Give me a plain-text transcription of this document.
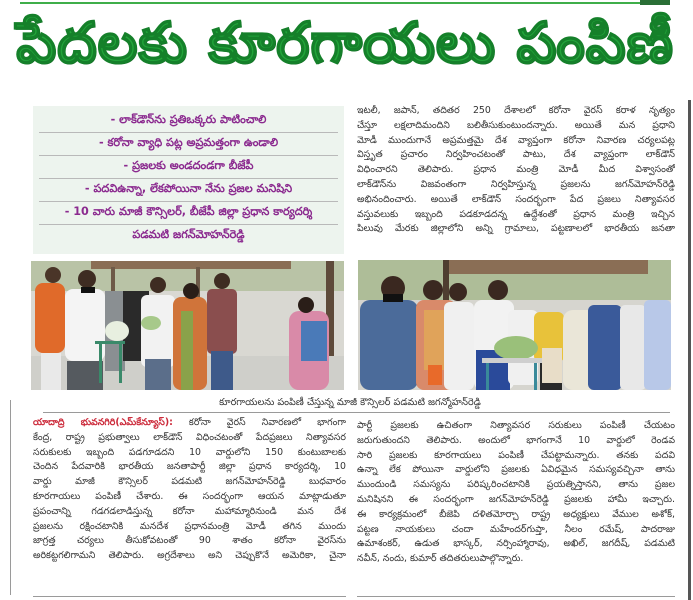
పేదలకు కూరగాయలు పంపిణీ
- లాక్‌డౌన్‌ను ప్రతిఒక్కరు పాటించాలి
- కరోనా వ్యాధి పట్ల అప్రమత్తంగా ఉండాలి
- ప్రజలకు అండదండగా బీజేపీ
- పదవిఉన్నా, లేకపోయినా నేను ప్రజల మనిషిని
- 10 వారు మాజీ కౌన్సిలర్, బీజేపీ జిల్లా ప్రధాన కార్యదర్శి
పడమటి జగన్‌మోహన్‌రెడ్డి
ఇటలీ, జపాన్, తదితర 250 దేశాలలో కరోనా వైరస్ కరాళ నృత్యం
చేస్తూ లక్షలాదిమందిని బలితీసుకుంటుందన్నారు. అయితే మన ప్రధాని
మోడీ ముందుగానే అప్రమత్తమై దేశ వ్యాప్తంగా కరోనా నివారణ చర్యలపట్ల
విస్తృత ప్రచారం నిర్వహించటంతో పాటు, దేశ వ్యాప్తంగా లాక్‌డౌన్
విధించారని తెలిపారు. ప్రధాన మంత్రి మోడీ మీద విశ్వాసంతో
లాక్‌డౌన్‌ను విజవంతంగా నిర్వహిస్తున్న ప్రజలను జగన్‌మోహన్‌రెడ్డి
అభినందించారు. అయితే లాక్‌డౌన్ సందర్భంగా పేద ప్రజలు నిత్యావసర
వస్తువలుకు ఇబ్బంది పడకూడదన్న ఉద్దేశంతో ప్రధాన మంత్రి ఇచ్చిన
పిలువు మేరకు జిల్లాలోని అన్ని గ్రామాలు, పట్టణాలలో భారతీయ జనతా
కూరగాయలను పంపిణీ చేస్తున్న మాజీ కౌన్సిలర్ పడమటి జగన్మోహన్‌రెడ్డి
యాదాద్రి భువనగిరి(ఎమ్‌కేన్యూస్): కరోనా వైరస్ నివారణలో భాగంగా
కేంద్ర, రాష్ట్ర ప్రభుత్వాలు లాక్‌డౌన్ విధించటంతో పేదప్రజలు నిత్యావసర
సరుకులకు ఇబ్బంది పడగూడదని 10 వార్డులోని 150 కుంటుబాలకు
చెందిన పేదవారికి భారతీయ జనతాపార్టీ జిల్లా ప్రధాన కార్యదర్శి, 10
వార్డు మాజీ కౌన్సిలర్ పడమటి జగన్‌మోహన్‌రెడ్డి బుధవారం
కూరగాయలు పంపిణీ చేశారు. ఈ సందర్భంగా ఆయన మాట్లాడుతూ
ప్రపంచాన్ని గడగడలాడిస్తున్న కరోనా మహామ్మారినుండి మన దేశ
ప్రజలను రక్షించటానికి మనదేశ ప్రధానమంత్రి మోడీ తగిన ముందు
జాగ్రత్త చర్యలు తీసుకోవటంతో 90 శాతం కరోనా వైరస్‌ను
అరికట్టగలిగామని తెలిపారు. అగ్రదేశాలు అని చెప్పుకొనే అమెరికా, చైనా
పార్టీ ప్రజలకు ఉచితంగా నిత్యావసర సరుకులు పంపిణీ చేయటం
జరుగుతుందని తెలిపారు. అందులో భాగంగానే 10 వార్డులో రెండవ
సారి ప్రజలకు కూరగాయలు పంపిణీ చేపట్టామన్నారు. తనకు పదవి
ఉన్నా లేక పోయినా వార్డులోని ప్రజలకు ఏవిధమైన సమస్యవచ్చినా తాను
ముందుండి సమస్యను పరిష్కరించటానికి ప్రయత్నిస్తానని, తాను ప్రజల
మనిషినని ఈ సందర్భంగా జగన్‌మోహన్‌రెడ్డి ప్రజలకు హామీ ఇచ్చారు.
ఈ కార్యక్రమంలో బీజెపి దళితమోర్చా రాష్ట్ర అధ్యక్షులు వేముల అశోక్,
పట్టణ నాయకులు చందా మహేందర్‌గుప్తా, నీలం రమేష్, పాదరాజు
ఉమాశంకర్, ఉడుత భాస్కర్, నర్సింహ్మారావు, అఖిల్, జగదీష్, పడమటి
నవీన్, నందు, కుమార్ తదితరులుపాల్గొన్నారు.
